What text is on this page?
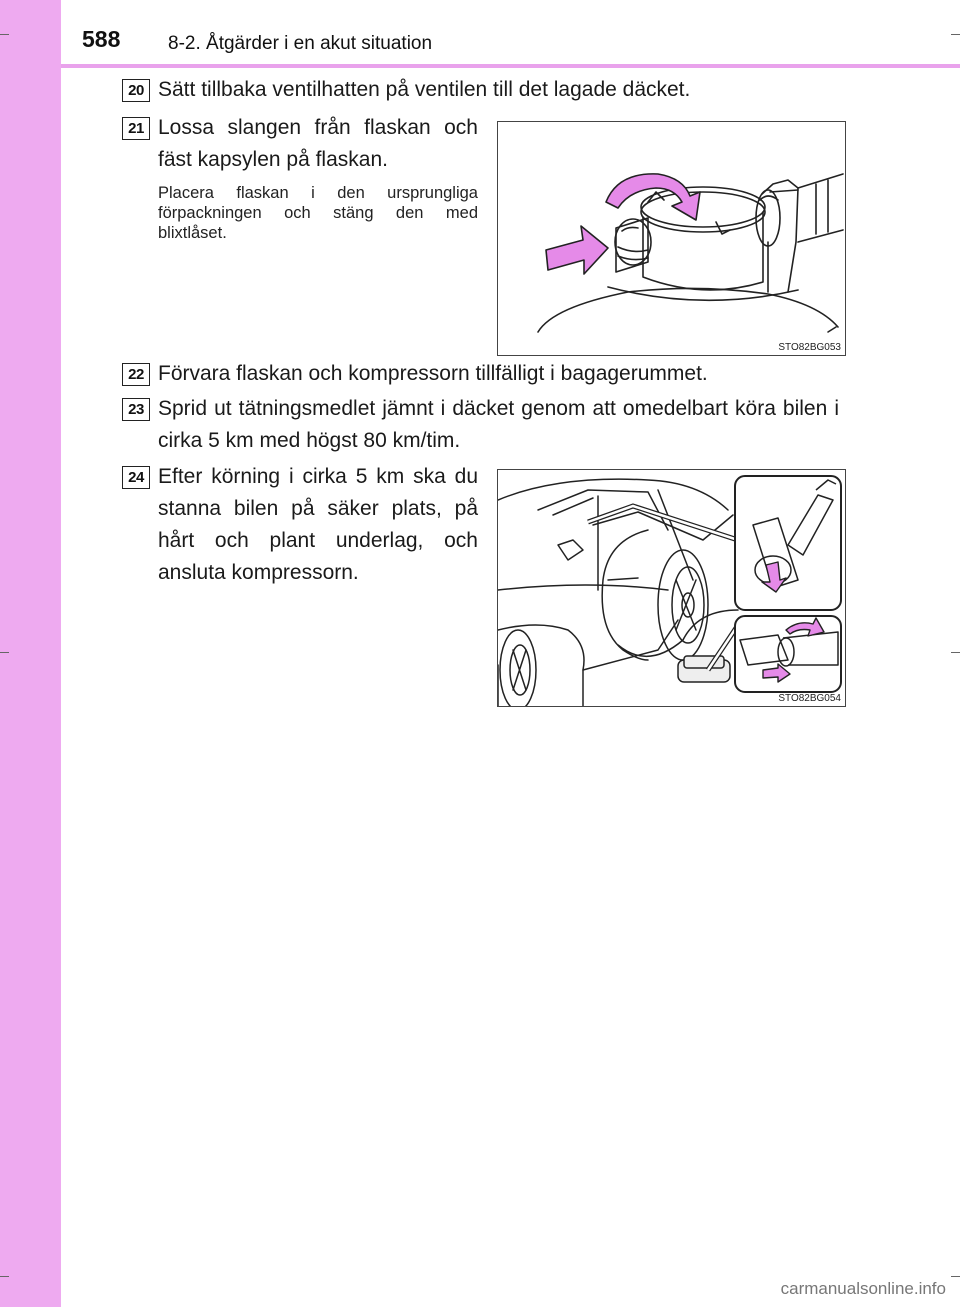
588	8-2. Åtgärder i en akut situation
20 Sätt tillbaka ventilhatten på ventilen till det lagade däcket.
21 Lossa slangen från flaskan och fäst kapsylen på flaskan.
Placera flaskan i den ursprungliga förpackningen och stäng den med blixtlåset.
STO82BG053
22 Förvara flaskan och kompressorn tillfälligt i bagagerummet.
23 Sprid ut tätningsmedlet jämnt i däcket genom att omedelbart köra bilen i cirka 5 km med högst 80 km/tim.
24 Efter körning i cirka 5 km ska du stanna bilen på säker plats, på hårt och plant underlag, och ansluta kompressorn.
STO82BG054
carmanualsonline.info
